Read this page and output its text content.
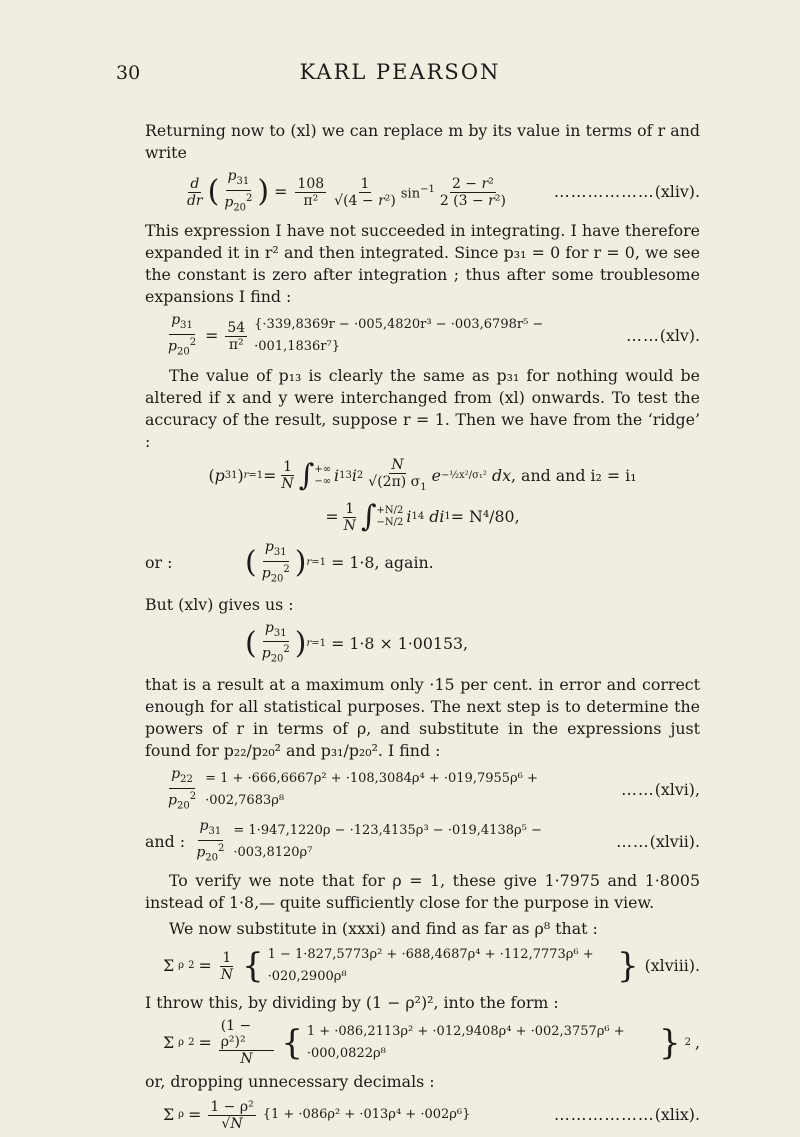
30	KARL PEARSON

Returning now to (xl) we can replace m by its value in terms of r and write

$\frac{d}{dr}$ ( $\frac{p_{31}}{p_{20}^2}$ ) = $\frac{108}{\text{π²}} \frac{1}{\text{√(4 − r²)}} \sin^{-1} \frac{\text{2 − r²}}{\text{2 (3 − r²)}}$	………………(xliv).

This expression I have not succeeded in integrating. I have therefore expanded it in r² and then integrated. Since p₃₁ = 0 for r = 0, we see the constant is zero after integration ; thus after some troublesome expansions I find :

$\frac{p_{31}}{p_{20}^2} = \frac{54}{\text{π²}} \{\cdot 339,8369r - \cdot 005,4820r^3 - \cdot 003,6798r^5 - \cdot 001,1836r^7\}$
……(xlv).

The value of p₁₃ is clearly the same as p₃₁ for nothing would be altered if x and y were interchanged from (xl) onwards. To test the accuracy of the result, suppose r = 1. Then we have from the ‘ridge’ :

( p 31 ) $r=1 = \frac{1}{N}$ ∫ +∞
−∞ i 1 3 i $2 \frac{N}{√(2\pi) \sigma_1}$ e −½x²/σ₁²
dx , and and i₂ = i₁
= $\frac{1}{N}$ ∫ +N/2
−N/2 i 1 4
di 1 = N⁴/80,
or :	( $\frac{p_{31}}{p_{20}^2}$ ) r=1
= 1·8, again.

But (xlv) gives us :

( $\frac{p_{31}}{p_{20}^2}$ ) r=1
= 1·8 × 1·00153,

that is a result at a maximum only ·15 per cent. in error and correct enough for all statistical purposes. The next step is to determine the powers of r in terms of ρ, and substitute in the expressions just found for p₂₂/p₂₀² and p₃₁/p₂₀². I find :

$\frac{p_{22}}{p_{20}^2} = 1 + \cdot 666,6667\rho^2 + \cdot 108,3084\rho^4 + \cdot 019,7955\rho^6 + \cdot 002,7683\rho^8$
……(xlvi),
and : $\frac{p_{31}}{p_{20}^2} = 1\cdot 947,1220\rho - \cdot 123,4135\rho^3 - \cdot 019,4138\rho^5 - \cdot 003,8120\rho^7$
……(xlvii).

To verify we note that for ρ = 1, these give 1·7975 and 1·8005 instead of 1·8,— quite sufficiently close for the purpose in view.

We now substitute in (xxxi) and find as far as ρ⁸ that :

Σ ρ $2 = \frac{1}{N}$ { 1 − 1·827,5773ρ² + ·688,4687ρ⁴ + ·112,7773ρ⁶ + ·020,2900ρ⁸	} (xlviii).

I throw this, by dividing by (1 − ρ²)², into the form :

Σ ρ $2 = \frac{\text{(1 − ρ²)²}}{N}$ { 1 + ·086,2113ρ² + ·012,9408ρ⁴ + ·002,3757ρ⁶ + ·000,0822ρ⁸	} 2 ,

or, dropping unnecessary decimals :

Σ $\rho = \frac{\text{1 − ρ²}}{√N} \{1 + \cdot 086\rho^2 + \cdot 013\rho^4 + \cdot 002\rho^6\}$	………………(xlix).
